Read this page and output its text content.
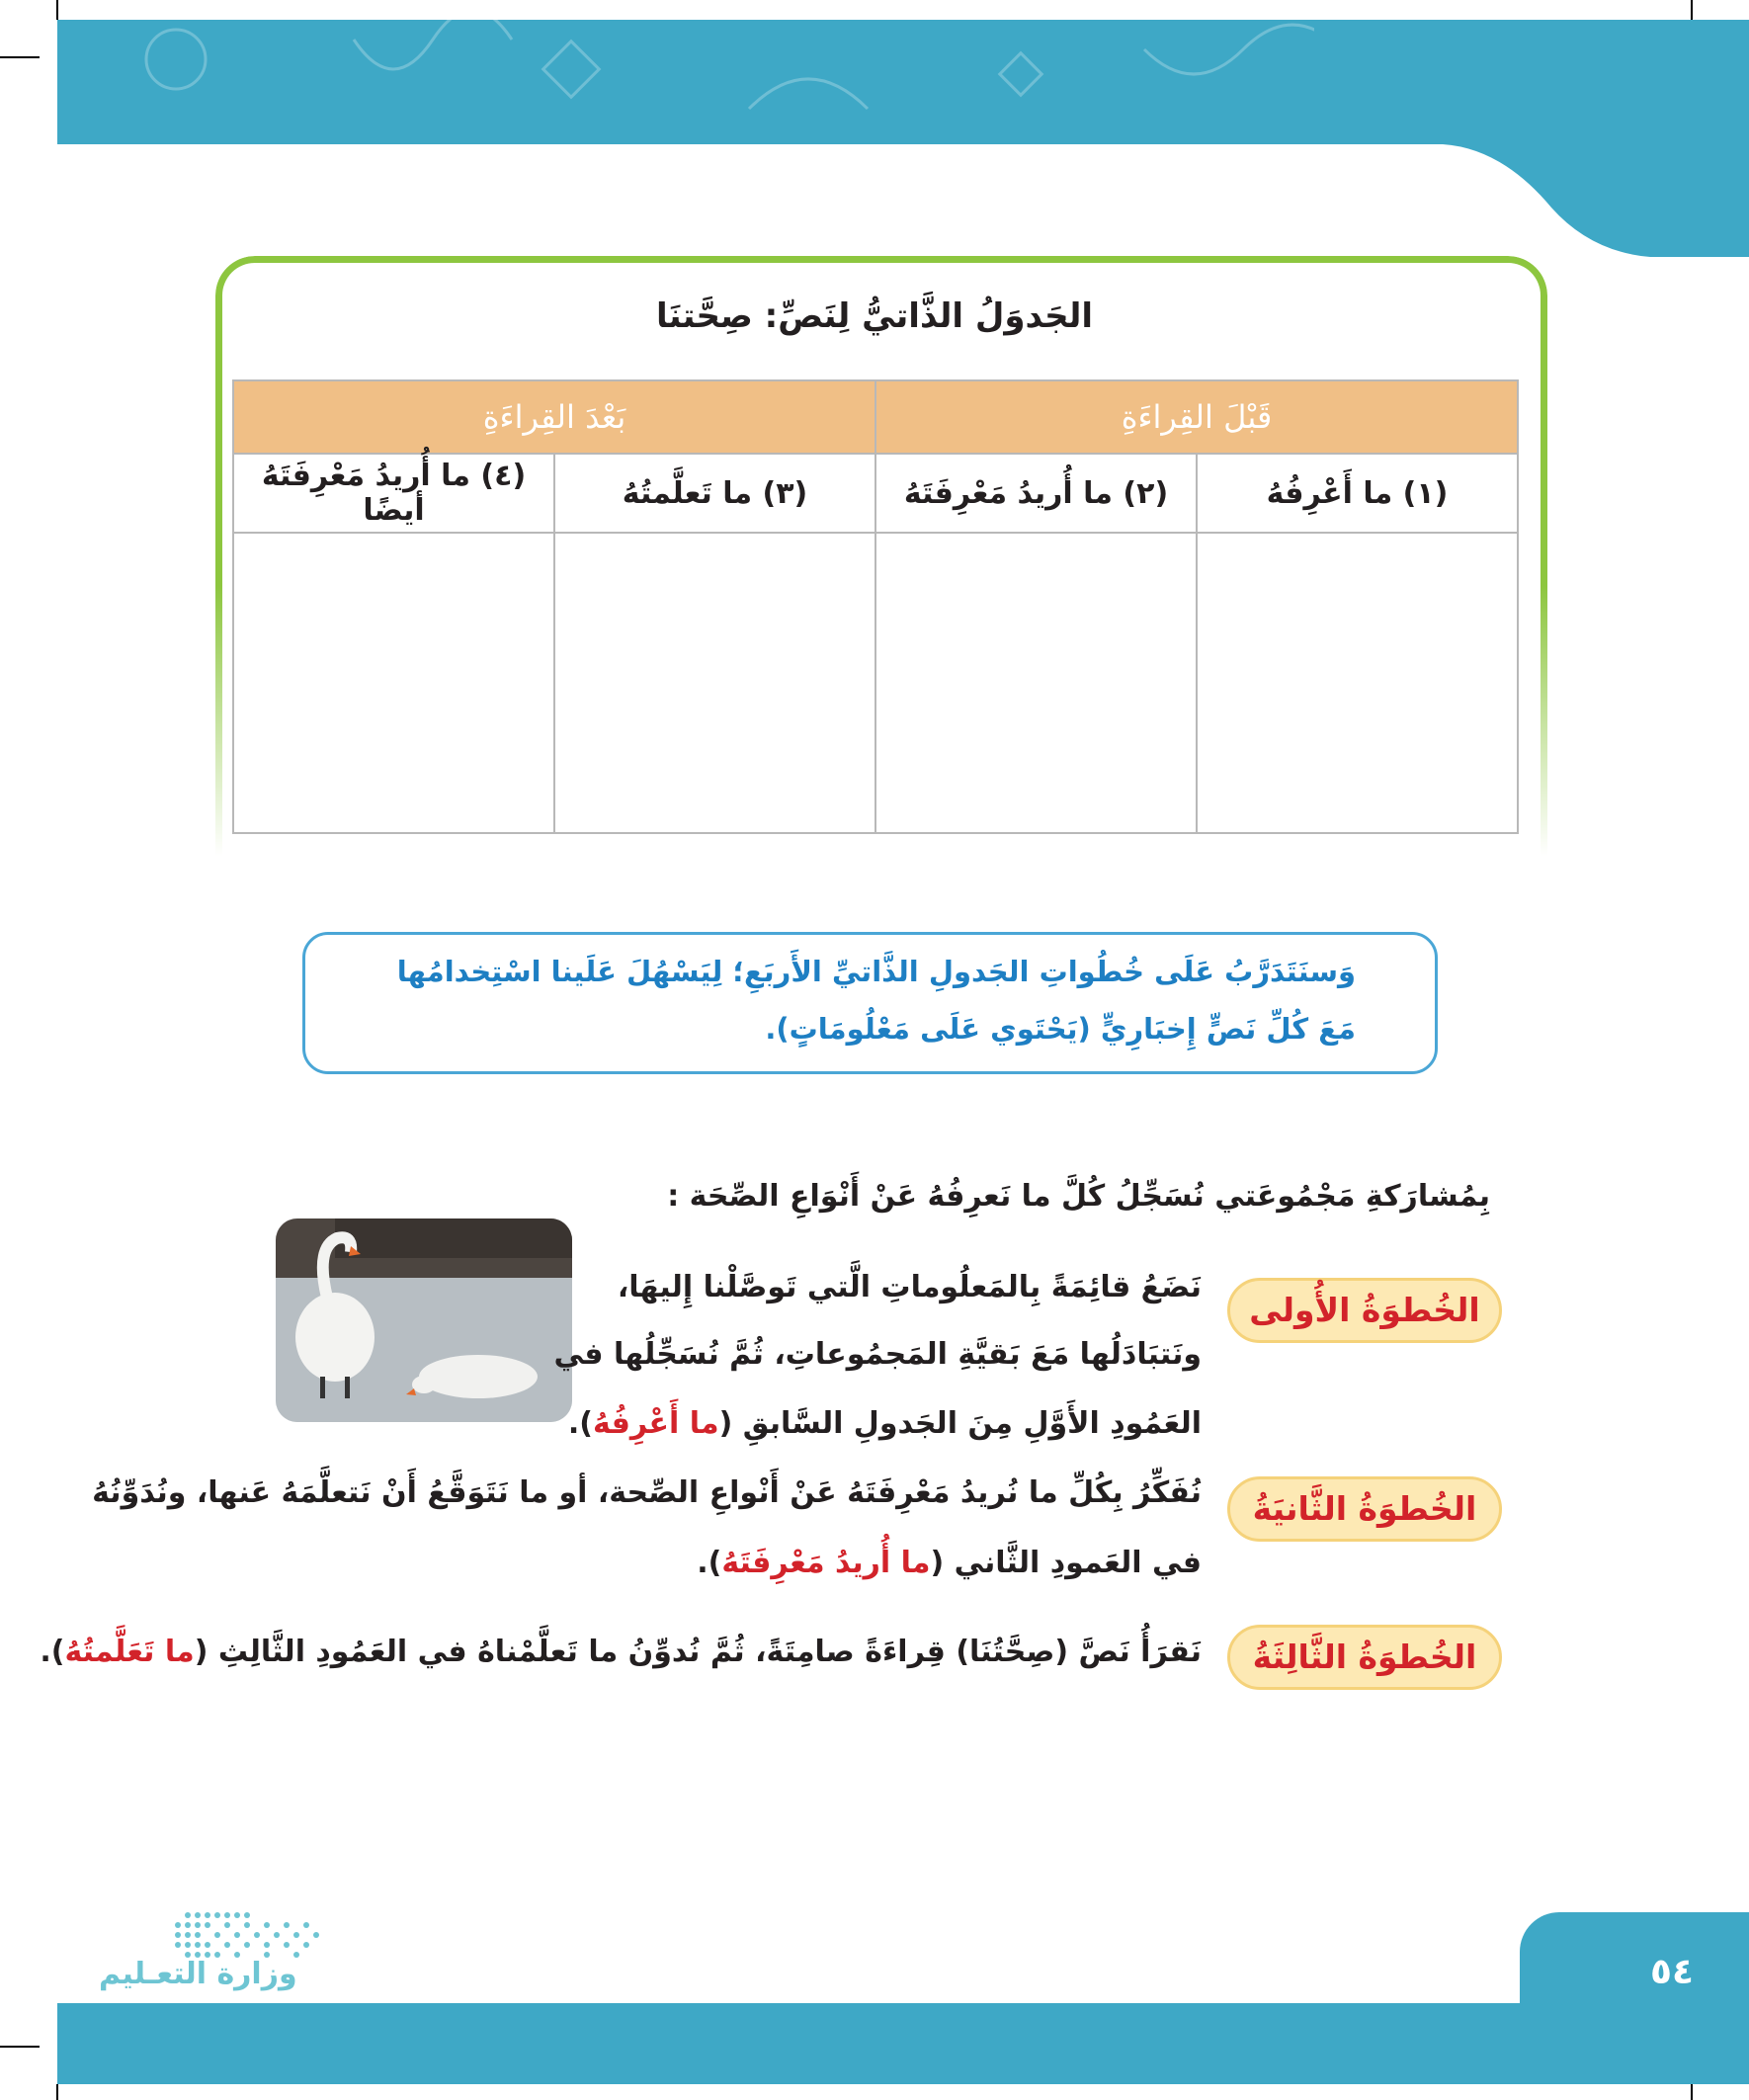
الجَدوَلُ الذَّاتيُّ لِنَصِّ: صِحَّتنَا
قَبْلَ القِراءَةِ		بَعْدَ القِراءَةِ	
(١) ما أَعْرِفُهُ	(٢) ما أُريدُ مَعْرِفَتَهُ	(٣) ما تَعلَّمتُهُ	(٤) ما أُريدُ مَعْرِفَتَهُ أيضًا

وَسنَتَدَرَّبُ عَلَى خُطُواتِ الجَدولِ الذَّاتيِّ الأَربَعِ؛ لِيَسْهُلَ عَلَينا اسْتِخدامُها

مَعَ كُلِّ نَصٍّ إِخبَارِيٍّ (يَحْتَوي عَلَى مَعْلُومَاتٍ).

بِمُشارَكةِ مَجْمُوعَتي نُسَجِّلُ كُلَّ ما نَعرِفُهُ عَنْ أَنْوَاعِ الصِّحَة :
الخُطوَةُ الأُولى
نَضَعُ قائِمَةً بِالمَعلُوماتِ الَّتي تَوصَّلْنا إِليهَا،
ونَتبَادَلُها مَعَ بَقيَّةِ المَجمُوعاتِ، ثُمَّ نُسَجِّلُها في
العَمُودِ الأَوَّلِ مِنَ الجَدولِ السَّابقِ (ما أَعْرِفُهُ).
الخُطوَةُ الثَّانيَةُ
نُفَكِّرُ بِكُلِّ ما نُريدُ مَعْرِفَتَهُ عَنْ أَنْواعِ الصِّحة، أو ما نَتَوَقَّعُ أَنْ نَتعلَّمَهُ عَنها، ونُدَوِّنُهُ
في العَمودِ الثَّاني (ما أُريدُ مَعْرِفَتَهُ).
الخُطوَةُ الثَّالِثَةُ
نَقرَأُ نَصَّ (صِحَّتُنَا) قِراءَةً صامِتَةً، ثُمَّ نُدوِّنُ ما تَعلَّمْناهُ في العَمُودِ الثَّالِثِ (ما تَعَلَّمتُهُ).
٥٤
وزارة التعـليم
